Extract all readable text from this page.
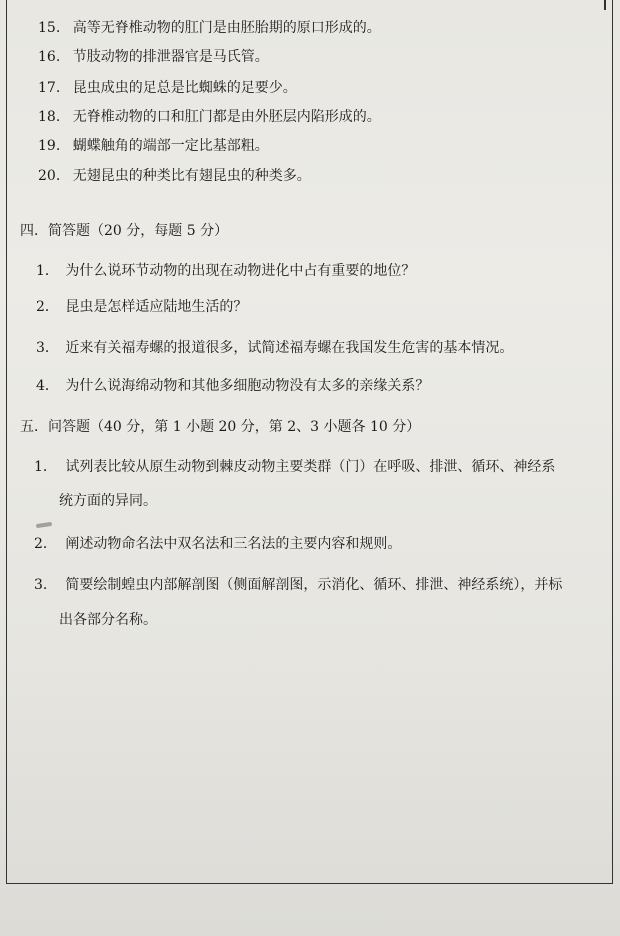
15. 高等无脊椎动物的肛门是由胚胎期的原口形成的。
16. 节肢动物的排泄器官是马氏管。
17. 昆虫成虫的足总是比蜘蛛的足要少。
18. 无脊椎动物的口和肛门都是由外胚层内陷形成的。
19. 蝴蝶触角的端部一定比基部粗。
20. 无翅昆虫的种类比有翅昆虫的种类多。
四．简答题（20 分，每题 5 分）
1． 为什么说环节动物的出现在动物进化中占有重要的地位？
2． 昆虫是怎样适应陆地生活的？
3． 近来有关福寿螺的报道很多，试简述福寿螺在我国发生危害的基本情况。
4． 为什么说海绵动物和其他多细胞动物没有太多的亲缘关系？
五．问答题（40 分，第 1 小题 20 分，第 2、3 小题各 10 分）
1． 试列表比较从原生动物到棘皮动物主要类群（门）在呼吸、排泄、循环、神经系
统方面的异同。
2． 阐述动物命名法中双名法和三名法的主要内容和规则。
3． 简要绘制蝗虫内部解剖图（侧面解剖图，示消化、循环、排泄、神经系统），并标
出各部分名称。
